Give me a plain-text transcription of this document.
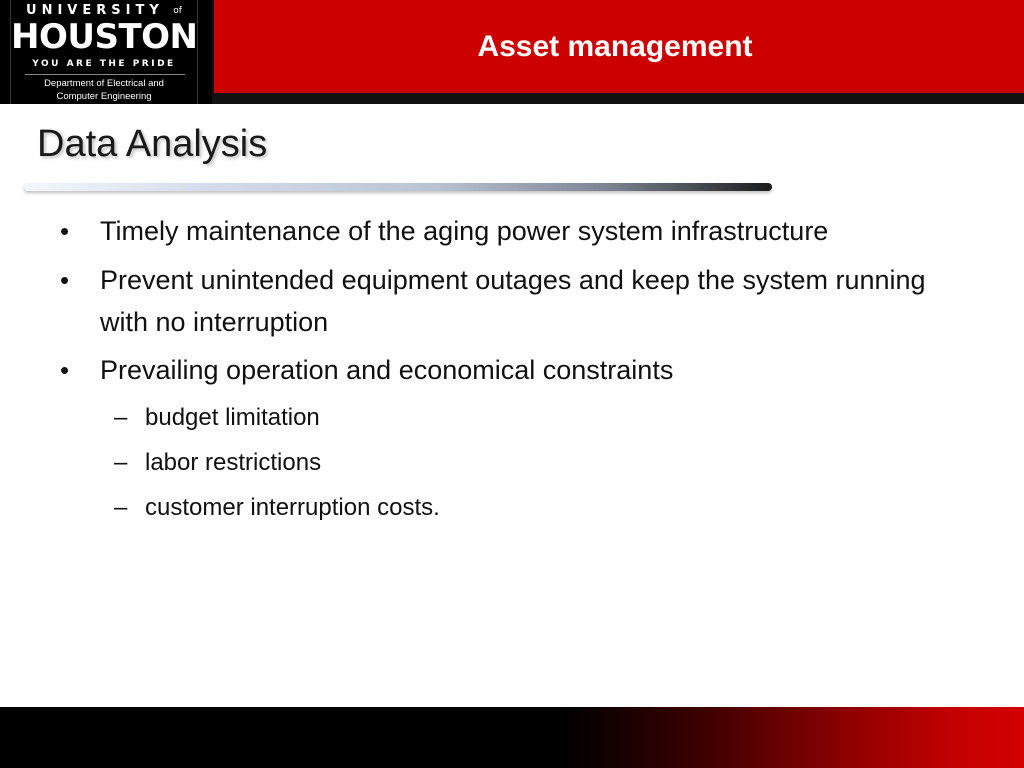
UNIVERSITY $^{of}$
HOUSTON
YOU ARE THE PRIDE
Department of Electrical and
Computer Engineering
Asset management
Data Analysis
• Timely maintenance of the aging power system infrastructure
• Prevent unintended equipment outages and keep the system running with no interruption
• Prevailing operation and economical constraints
– budget limitation
– labor restrictions
– customer interruption costs.
